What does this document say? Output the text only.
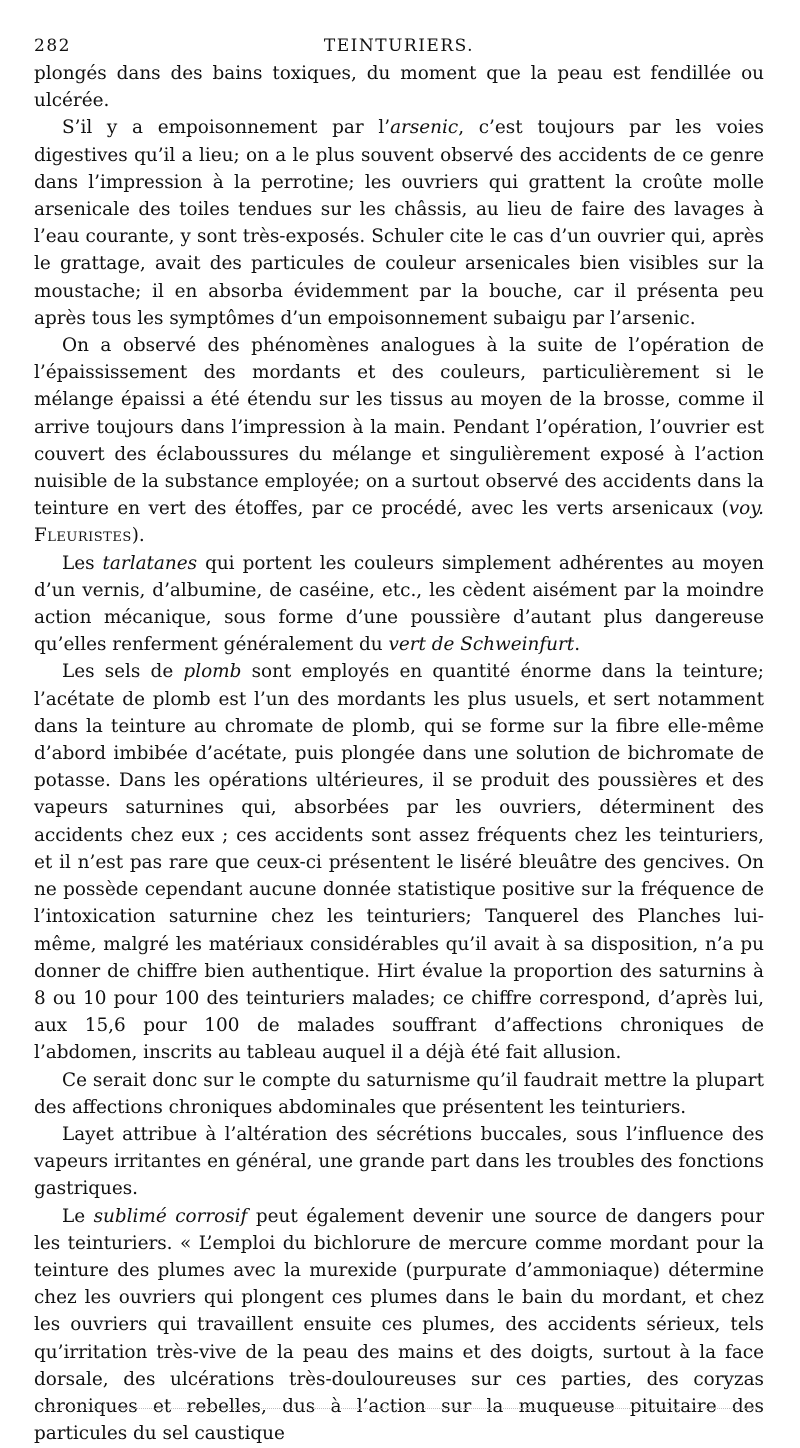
282	TEINTURIERS.

plongés dans des bains toxiques, du moment que la peau est fendillée ou ulcérée.

S’il y a empoisonnement par l’arsenic, c’est toujours par les voies digestives qu’il a lieu; on a le plus souvent observé des accidents de ce genre dans l’impression à la perrotine; les ouvriers qui grattent la croûte molle arsenicale des toiles tendues sur les châssis, au lieu de faire des lavages à l’eau courante, y sont très-exposés. Schuler cite le cas d’un ouvrier qui, après le grattage, avait des particules de couleur arsenicales bien visibles sur la moustache; il en absorba évidemment par la bouche, car il présenta peu après tous les symptômes d’un empoisonnement subaigu par l’arsenic.

On a observé des phénomènes analogues à la suite de l’opération de l’épaississement des mordants et des couleurs, particulièrement si le mélange épaissi a été étendu sur les tissus au moyen de la brosse, comme il arrive toujours dans l’impression à la main. Pendant l’opération, l’ouvrier est couvert des éclaboussures du mélange et singulièrement exposé à l’action nuisible de la substance employée; on a surtout observé des accidents dans la teinture en vert des étoffes, par ce procédé, avec les verts arsenicaux (voy. Fleuristes).

Les tarlatanes qui portent les couleurs simplement adhérentes au moyen d’un vernis, d’albumine, de caséine, etc., les cèdent aisément par la moindre action mécanique, sous forme d’une poussière d’autant plus dangereuse qu’elles renferment généralement du vert de Schweinfurt.

Les sels de plomb sont employés en quantité énorme dans la teinture; l’acétate de plomb est l’un des mordants les plus usuels, et sert notamment dans la teinture au chromate de plomb, qui se forme sur la fibre elle-même d’abord imbibée d’acétate, puis plongée dans une solution de bichromate de potasse. Dans les opérations ultérieures, il se produit des poussières et des vapeurs saturnines qui, absorbées par les ouvriers, déterminent des accidents chez eux ; ces accidents sont assez fréquents chez les teinturiers, et il n’est pas rare que ceux-ci présentent le liséré bleuâtre des gencives. On ne possède cependant aucune donnée statistique positive sur la fréquence de l’intoxication saturnine chez les teinturiers; Tanquerel des Planches lui-même, malgré les matériaux considérables qu’il avait à sa disposition, n’a pu donner de chiffre bien authentique. Hirt évalue la proportion des saturnins à 8 ou 10 pour 100 des teinturiers malades; ce chiffre correspond, d’après lui, aux 15,6 pour 100 de malades souffrant d’affections chroniques de l’abdomen, inscrits au tableau auquel il a déjà été fait allusion.

Ce serait donc sur le compte du saturnisme qu’il faudrait mettre la plupart des affections chroniques abdominales que présentent les teinturiers.

Layet attribue à l’altération des sécrétions buccales, sous l’influence des vapeurs irritantes en général, une grande part dans les troubles des fonctions gastriques.

Le sublimé corrosif peut également devenir une source de dangers pour les teinturiers. « L’emploi du bichlorure de mercure comme mordant pour la teinture des plumes avec la murexide (purpurate d’ammoniaque) détermine chez les ouvriers qui plongent ces plumes dans le bain du mordant, et chez les ouvriers qui travaillent ensuite ces plumes, des accidents sérieux, tels qu’irritation très-vive de la peau des mains et des doigts, surtout à la face dorsale, des ulcérations très-douloureuses sur ces parties, des coryzas chroniques et rebelles, dus à l’action sur la muqueuse pituitaire des particules du sel caustique
